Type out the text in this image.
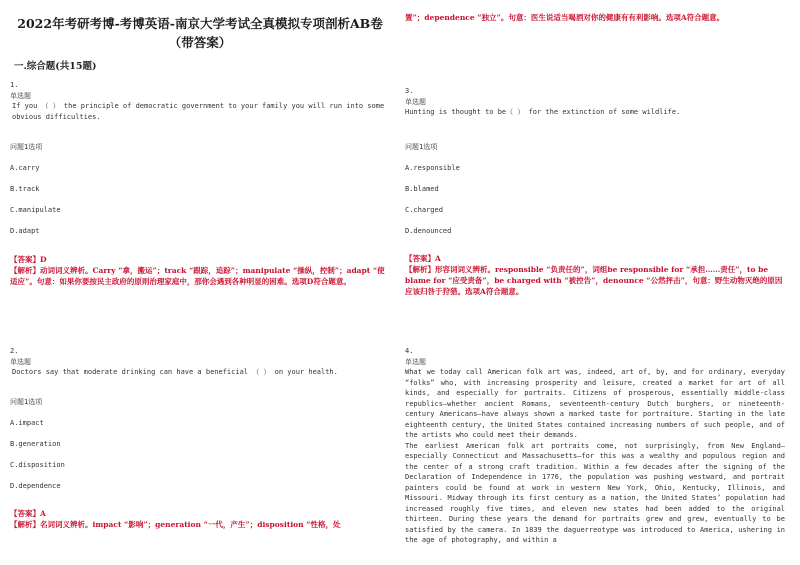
2022年考研考博-考博英语-南京大学考试全真模拟专项剖析AB卷
（带答案）
一.综合题(共15题)
1.
单选题
If you （ ） the principle of democratic government to your family you will run into some obvious difficulties.
问题1选项
A.carry
B.track
C.manipulate
D.adapt
【答案】D
【解析】动词词义辨析。Carry “拿，搬运”；track “跟踪，追踪”；manipulate “操纵，控制”；adapt “使适应”。句意：如果你要按民主政府的原则治理家庭中，那你会遇到各种明显的困难。选项D符合题意。
2.
单选题
Doctors say that moderate drinking can have a beneficial （ ） on your health.
问题1选项
A.impact
B.generation
C.disposition
D.dependence
【答案】A
【解析】名词词义辨析。impact “影响”；generation “一代，产生”；disposition “性格，处
置”；dependence “独立”。句意：医生说适当喝酒对你的健康有有利影响。选项A符合题意。
3.
单选题
Hunting is thought to be（ ） for the extinction of some wildlife.
问题1选项
A.responsible
B.blamed
C.charged
D.denounced
【答案】A
【解析】形容词词义辨析。responsible “负责任的”，词组be responsible for “承担……责任”，to be blame for “应受责备”，be charged with “被控告”，denounce “公然抨击”，句意：野生动物灭绝的原因应该归咎于狩猎。选项A符合题意。
4.
单选题
What we today call American folk art was, indeed, art of, by, and for ordinary, everyday “folks” who, with increasing prosperity and leisure, created a market for art of all kinds, and especially for portraits. Citizens of prosperous, essentially middle-class republics—whether ancient Romans, seventeenth-century Dutch burghers, or nineteenth-century Americans—have always shown a marked taste for portraiture. Starting in the late eighteenth century, the United States contained increasing numbers of such people, and of the artists who could meet their demands.
The earliest American folk art portraits come, not surprisingly, from New England—especially Connecticut and Massachusetts—for this was a wealthy and populous region and the center of a strong craft tradition. Within a few decades after the signing of the Declaration of Independence in 1776, the population was pushing westward, and portrait painters could be found at work in western New York, Ohio, Kentucky, Illinois, and Missouri. Midway through its first century as a nation, the United States’ population had increased roughly five times, and eleven new states had been added to the original thirteen. During these years the demand for portraits grew and grew, eventually to be satisfied by the camera. In 1839 the daguerreotype was introduced to America, ushering in the age of photography, and within a
